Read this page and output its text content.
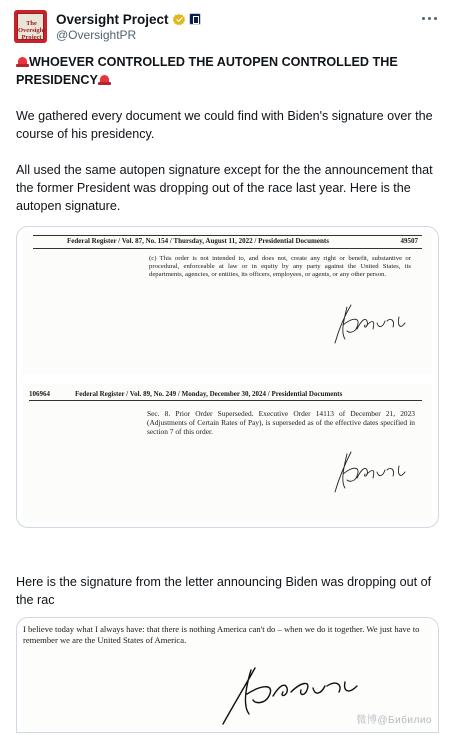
The
Oversight
Project
Oversight Project
@OversightPR
WHOEVER CONTROLLED THE AUTOPEN CONTROLLED THE PRESIDENCY
We gathered every document we could find with Biden's signature over the course of his presidency.
All used the same autopen signature except for the the announcement that the former President was dropping out of the race last year. Here is the autopen signature.
Federal Register / Vol. 87, No. 154 / Thursday, August 11, 2022 / Presidential Documents	49507
(c) This order is not intended to, and does not, create any right or benefit, substantive or procedural, enforceable at law or in equity by any party against the United States, its departments, agencies, or entities, its officers, employees, or agents, or any other person.
106964	Federal Register / Vol. 89, No. 249 / Monday, December 30, 2024 / Presidential Documents
Sec. 8. Prior Order Superseded. Executive Order 14113 of December 21, 2023 (Adjustments of Certain Rates of Pay), is superseded as of the effective dates specified in section 7 of this order.
Here is the signature from the letter announcing Biden was dropping out of the rac
I believe today what I always have: that there is nothing America can't do – when we do it together. We just have to remember we are the United States of America.
微博@Бибилио
